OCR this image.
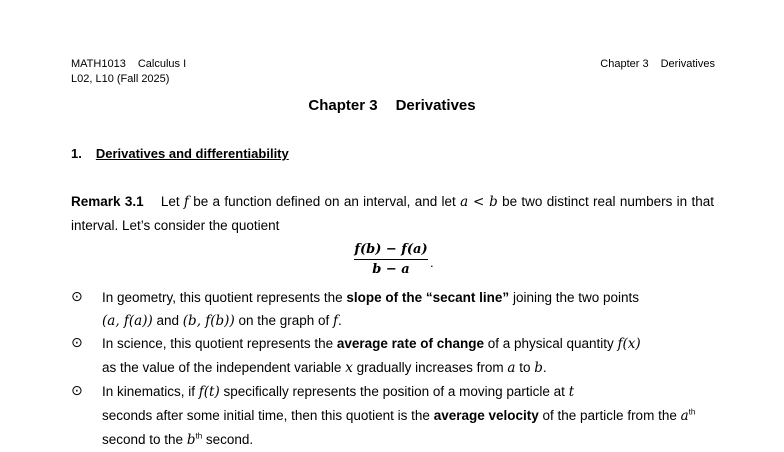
MATH1013 Calculus I
L02, L10 (Fall 2025)
Chapter 3 Derivatives
Chapter 3 Derivatives
1. Derivatives and differentiability
Remark 3.1 Let f be a function defined on an interval, and let a < b be two distinct real numbers in that interval. Let’s consider the quotient
$\frac{f(b) - f(a)}{b - a}$
.
⊙ In geometry, this quotient represents the slope of the “secant line” joining the two points
(a, f(a)) and (b, f(b)) on the graph of f.
⊙ In science, this quotient represents the average rate of change of a physical quantity f(x)
as the value of the independent variable x gradually increases from a to b.
⊙ In kinematics, if f(t) specifically represents the position of a moving particle at t
seconds after some initial time, then this quotient is the average velocity of the particle from the $a^{th}$
second to the $b^{th}$ second.
